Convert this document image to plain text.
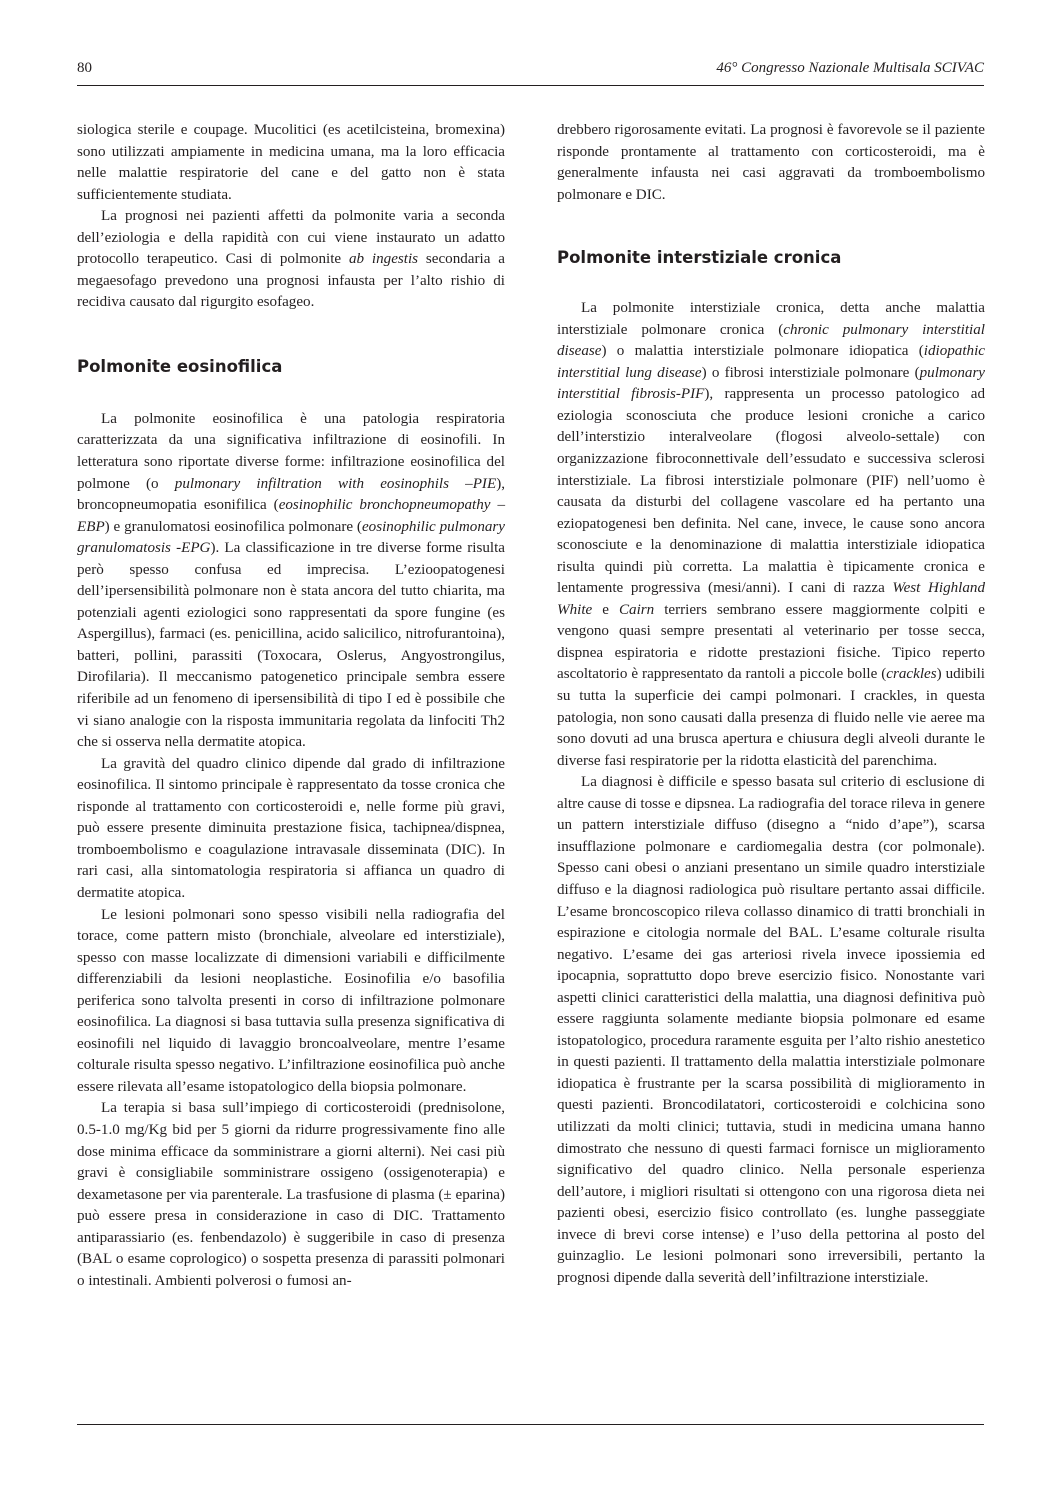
80	46° Congresso Nazionale Multisala SCIVAC

siologica sterile e coupage. Mucolitici (es acetilcisteina, bromexina) sono utilizzati ampiamente in medicina umana, ma la loro efficacia nelle malattie respiratorie del cane e del gatto non è stata sufficientemente studiata.

La prognosi nei pazienti affetti da polmonite varia a seconda dell’eziologia e della rapidità con cui viene instaurato un adatto protocollo terapeutico. Casi di polmonite ab ingestis secondaria a megaesofago prevedono una prognosi infausta per l’alto rishio di recidiva causato dal rigurgito esofageo.

Polmonite eosinofilica

La polmonite eosinofilica è una patologia respiratoria caratterizzata da una significativa infiltrazione di eosinofili. In letteratura sono riportate diverse forme: infiltrazione eosinofilica del polmone (o pulmonary infiltration with eosinophils –PIE), broncopneumopatia esonifilica (eosinophilic bronchopneumopathy –EBP) e granulomatosi eosinofilica polmonare (eosinophilic pulmonary granulomatosis -EPG). La classificazione in tre diverse forme risulta però spesso confusa ed imprecisa. L’ezioopatogenesi dell’ipersensibilità polmonare non è stata ancora del tutto chiarita, ma potenziali agenti eziologici sono rappresentati da spore fungine (es Aspergillus), farmaci (es. penicillina, acido salicilico, nitrofurantoina), batteri, pollini, parassiti (Toxocara, Oslerus, Angyostrongilus, Dirofilaria). Il meccanismo patogenetico principale sembra essere riferibile ad un fenomeno di ipersensibilità di tipo I ed è possibile che vi siano analogie con la risposta immunitaria regolata da linfociti Th2 che si osserva nella dermatite atopica.

La gravità del quadro clinico dipende dal grado di infiltrazione eosinofilica. Il sintomo principale è rappresentato da tosse cronica che risponde al trattamento con corticosteroidi e, nelle forme più gravi, può essere presente diminuita prestazione fisica, tachipnea/dispnea, tromboembolismo e coagulazione intravasale disseminata (DIC). In rari casi, alla sintomatologia respiratoria si affianca un quadro di dermatite atopica.

Le lesioni polmonari sono spesso visibili nella radiografia del torace, come pattern misto (bronchiale, alveolare ed interstiziale), spesso con masse localizzate di dimensioni variabili e difficilmente differenziabili da lesioni neoplastiche. Eosinofilia e/o basofilia periferica sono talvolta presenti in corso di infiltrazione polmonare eosinofilica. La diagnosi si basa tuttavia sulla presenza significativa di eosinofili nel liquido di lavaggio broncoalveolare, mentre l’esame colturale risulta spesso negativo. L’infiltrazione eosinofilica può anche essere rilevata all’esame istopatologico della biopsia polmonare.

La terapia si basa sull’impiego di corticosteroidi (prednisolone, 0.5-1.0 mg/Kg bid per 5 giorni da ridurre progressivamente fino alle dose minima efficace da somministrare a giorni alterni). Nei casi più gravi è consigliabile somministrare ossigeno (ossigenoterapia) e dexametasone per via parenterale. La trasfusione di plasma (± eparina) può essere presa in considerazione in caso di DIC. Trattamento antiparassiario (es. fenbendazolo) è suggeribile in caso di presenza (BAL o esame coprologico) o sospetta presenza di parassiti polmonari o intestinali. Ambienti polverosi o fumosi an-

drebbero rigorosamente evitati. La prognosi è favorevole se il paziente risponde prontamente al trattamento con corticosteroidi, ma è generalmente infausta nei casi aggravati da tromboembolismo polmonare e DIC.

Polmonite interstiziale cronica

La polmonite interstiziale cronica, detta anche malattia interstiziale polmonare cronica (chronic pulmonary interstitial disease) o malattia interstiziale polmonare idiopatica (idiopathic interstitial lung disease) o fibrosi interstiziale polmonare (pulmonary interstitial fibrosis-PIF), rappresenta un processo patologico ad eziologia sconosciuta che produce lesioni croniche a carico dell’interstizio interalveolare (flogosi alveolo-settale) con organizzazione fibroconnettivale dell’essudato e successiva sclerosi interstiziale. La fibrosi interstiziale polmonare (PIF) nell’uomo è causata da disturbi del collagene vascolare ed ha pertanto una eziopatogenesi ben definita. Nel cane, invece, le cause sono ancora sconosciute e la denominazione di malattia interstiziale idiopatica risulta quindi più corretta. La malattia è tipicamente cronica e lentamente progressiva (mesi/anni). I cani di razza West Highland White e Cairn terriers sembrano essere maggiormente colpiti e vengono quasi sempre presentati al veterinario per tosse secca, dispnea espiratoria e ridotte prestazioni fisiche. Tipico reperto ascoltatorio è rappresentato da rantoli a piccole bolle (crackles) udibili su tutta la superficie dei campi polmonari. I crackles, in questa patologia, non sono causati dalla presenza di fluido nelle vie aeree ma sono dovuti ad una brusca apertura e chiusura degli alveoli durante le diverse fasi respiratorie per la ridotta elasticità del parenchima.

La diagnosi è difficile e spesso basata sul criterio di esclusione di altre cause di tosse e dipsnea. La radiografia del torace rileva in genere un pattern interstiziale diffuso (disegno a “nido d’ape”), scarsa insufflazione polmonare e cardiomegalia destra (cor polmonale). Spesso cani obesi o anziani presentano un simile quadro interstiziale diffuso e la diagnosi radiologica può risultare pertanto assai difficile. L’esame broncoscopico rileva collasso dinamico di tratti bronchiali in espirazione e citologia normale del BAL. L’esame colturale risulta negativo. L’esame dei gas arteriosi rivela invece ipossiemia ed ipocapnia, soprattutto dopo breve esercizio fisico. Nonostante vari aspetti clinici caratteristici della malattia, una diagnosi definitiva può essere raggiunta solamente mediante biopsia polmonare ed esame istopatologico, procedura raramente esguita per l’alto rishio anestetico in questi pazienti. Il trattamento della malattia interstiziale polmonare idiopatica è frustrante per la scarsa possibilità di miglioramento in questi pazienti. Broncodilatatori, corticosteroidi e colchicina sono utilizzati da molti clinici; tuttavia, studi in medicina umana hanno dimostrato che nessuno di questi farmaci fornisce un miglioramento significativo del quadro clinico. Nella personale esperienza dell’autore, i migliori risultati si ottengono con una rigorosa dieta nei pazienti obesi, esercizio fisico controllato (es. lunghe passeggiate invece di brevi corse intense) e l’uso della pettorina al posto del guinzaglio. Le lesioni polmonari sono irreversibili, pertanto la prognosi dipende dalla severità dell’infiltrazione interstiziale.
